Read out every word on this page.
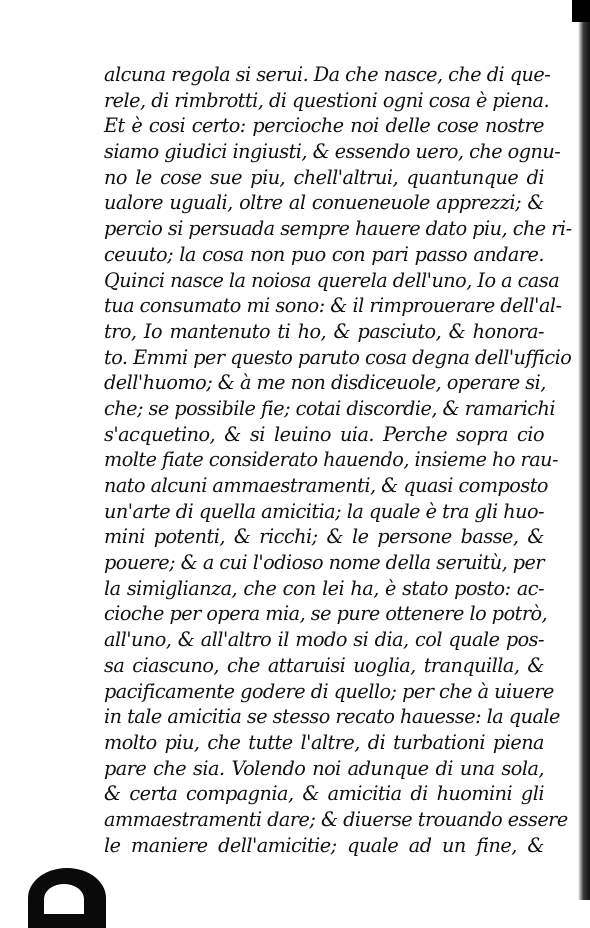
alcuna regola si serui. Da che nasce, che di que-
rele, di rimbrotti, di questioni ogni cosa è piena.
Et è cosi certo: percioche noi delle cose nostre
siamo giudici ingiusti, & essendo uero, che ognu-
no le cose sue piu, chell'altrui, quantunque di
ualore uguali, oltre al conueneuole apprezzi; &
percio si persuada sempre hauere dato piu, che ri-
ceuuto; la cosa non puo con pari passo andare.
Quinci nasce la noiosa querela dell'uno, Io a casa
tua consumato mi sono: & il rimprouerare dell'al-
tro, Io mantenuto ti ho, & pasciuto, & honora-
to. Emmi per questo paruto cosa degna dell'ufficio
dell'huomo; & à me non disdiceuole, operare si,
che; se possibile fie; cotai discordie, & ramarichi
s'acquetino, & si leuino uia. Perche sopra cio
molte fiate considerato hauendo, insieme ho rau-
nato alcuni ammaestramenti, & quasi composto
un'arte di quella amicitia; la quale è tra gli huo-
mini potenti, & ricchi; & le persone basse, &
pouere; & a cui l'odioso nome della seruitù, per
la simiglianza, che con lei ha, è stato posto: ac-
cioche per opera mia, se pure ottenere lo potrò,
all'uno, & all'altro il modo si dia, col quale pos-
sa ciascuno, che attaruisi uoglia, tranquilla, &
pacificamente godere di quello; per che à uiuere
in tale amicitia se stesso recato hauesse: la quale
molto piu, che tutte l'altre, di turbationi piena
pare che sia. Volendo noi adunque di una sola,
& certa compagnia, & amicitia di huomini gli
ammaestramenti dare; & diuerse trouando essere
le maniere dell'amicitie; quale ad un fine, &
